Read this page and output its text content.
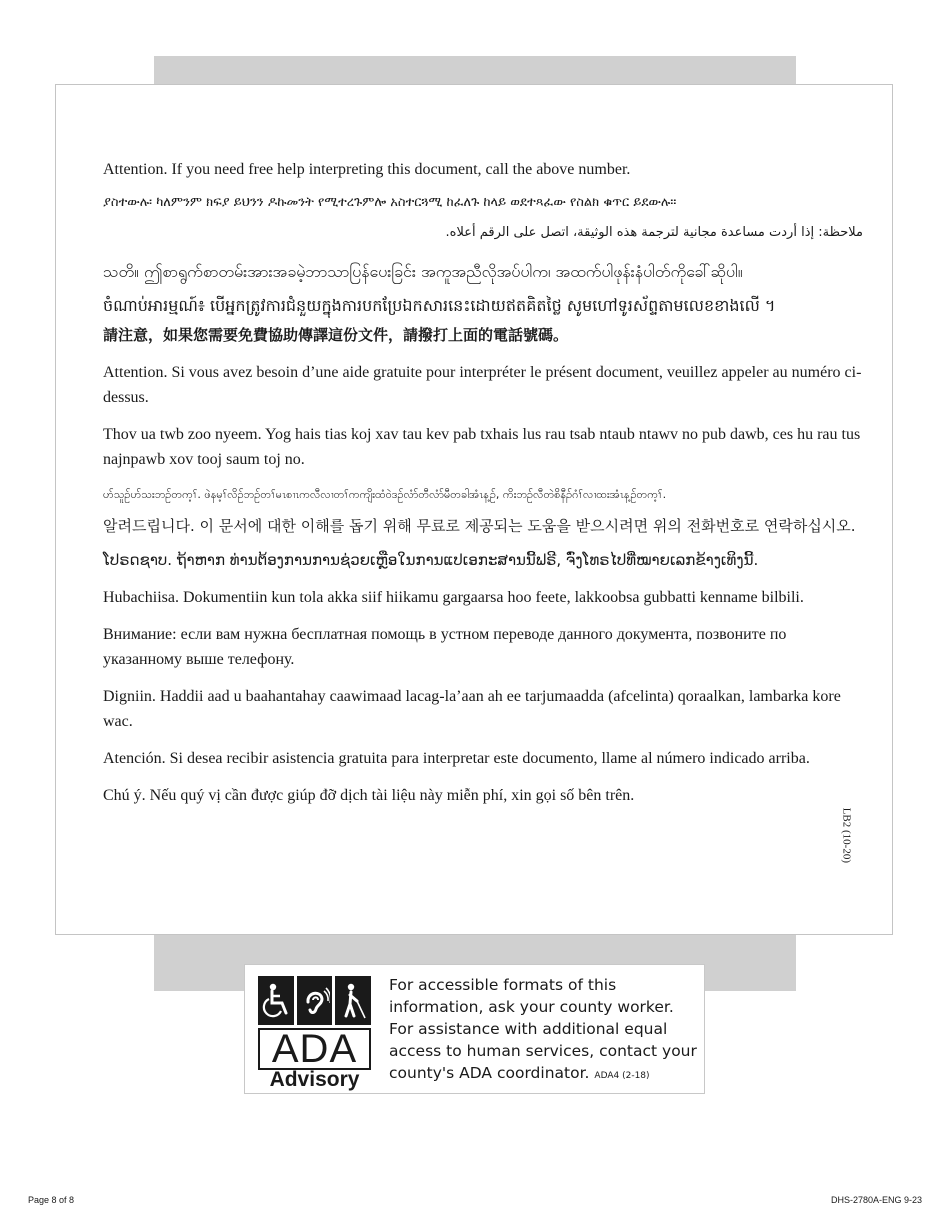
Attention. If you need free help interpreting this document, call the above number.

ያስተውሉ፡ ካለምንም ክፍያ ይህንን ዶኩመንት የሚተረጉምሎ አስተርጓሚ ከፈለጉ ከላይ ወደተጻፈው የስልክ ቁጥር ይደውሉ።

ملاحظة: إذا أردت مساعدة مجانية لترجمة هذه الوثيقة، اتصل على الرقم أعلاه.

သတိ။ ဤစာရွက်စာတမ်းအားအခမဲ့ဘာသာပြန်ပေးခြင်း အကူအညီလိုအပ်ပါက၊ အထက်ပါဖုန်းနံပါတ်ကိုခေါ်ဆိုပါ။

ចំណាប់អារម្មណ៍៖ បើអ្នកត្រូវការជំនួយក្នុងការបកប្រែឯកសារនេះដោយឥតគិតថ្លៃ សូមហៅទូរស័ព្ទតាមលេខខាងលើ ។

請注意，如果您需要免費協助傳譯這份文件，請撥打上面的電話號碼。

Attention. Si vous avez besoin d’une aide gratuite pour interpréter le présent document, veuillez appeler au numéro ci-dessus.

Thov ua twb zoo nyeem. Yog hais tias koj xav tau kev pab txhais lus rau tsab ntaub ntawv no pub dawb, ces hu rau tus najnpawb xov tooj saum toj no.

ဟ်သူဉ်ဟ်သးဘဉ်တက့ၢ်. ဖဲနမ့ၢ်လိဉ်ဘဉ်တၢ်မၤစၢၤကလီလၢတၢ်ကကျိးထံဝဲဒဉ်လံာ်တီလံာ်မီတခါအံၤန့ဉ်, ကိးဘဉ်လီတဲစိနီၣ်ဂံၢ်လၢထးအံၤန့ဉ်တက့ၢ်.

알려드립니다. 이 문서에 대한 이해를 돕기 위해 무료로 제공되는 도움을 받으시려면 위의 전화번호로 연락하십시오.

ໂປຣດຊາບ. ຖ້າຫາກ ທ່ານຕ້ອງການການຊ່ວຍເຫຼືອໃນການແປເອກະສານນີ້ຟຣີ, ຈົ່ງໂທຣໄປທີ່ໝາຍເລກຂ້າງເທິງນີ້.

Hubachiisa. Dokumentiin kun tola akka siif hiikamu gargaarsa hoo feete, lakkoobsa gubbatti kenname bilbili.

Внимание: если вам нужна бесплатная помощь в устном переводе данного документа, позвоните по указанному выше телефону.

Digniin. Haddii aad u baahantahay caawimaad lacag-la’aan ah ee tarjumaadda (afcelinta) qoraalkan, lambarka kore wac.

Atención. Si desea recibir asistencia gratuita para interpretar este documento, llame al número indicado arriba.

Chú ý. Nếu quý vị cần được giúp đỡ dịch tài liệu này miễn phí, xin gọi số bên trên.

LB2 (10-20)
ADA
Advisory
For accessible formats of this information, ask your county worker. For assistance with additional equal access to human services, contact your county's ADA coordinator. ADA4 (2-18)
Page 8 of 8	DHS-2780A-ENG 9-23
